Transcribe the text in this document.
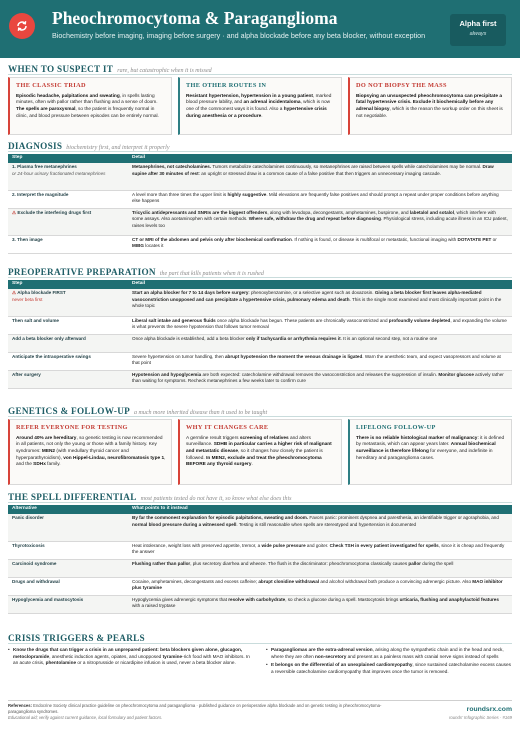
Pheochromocytoma & Paraganglioma
Biochemistry before imaging, imaging before surgery · and alpha blockade before any beta blocker, without exception
Alpha first
always
WHEN TO SUSPECT IT rare, but catastrophic when it is missed
THE CLASSIC TRIAD
Episodic headache, palpitations and sweating, in spells lasting minutes, often with pallor rather than flushing and a sense of doom. The spells are paroxysmal, so the patient is frequently normal in clinic, and blood pressure between episodes can be entirely normal.
THE OTHER ROUTES IN
Resistant hypertension, hypertension in a young patient, marked blood pressure lability, and an adrenal incidentaloma, which is now one of the commonest ways it is found. Also a hypertensive crisis during anesthesia or a procedure.
DO NOT BIOPSY THE MASS
Biopsying an unsuspected pheochromocytoma can precipitate a fatal hypertensive crisis. Exclude it biochemically before any adrenal biopsy, which is the reason the workup order on this sheet is not negotiable.
DIAGNOSIS biochemistry first, and interpret it properly
Step	Detail
1. Plasma free metanephrines
or 24-hour urinary fractionated metanephrines	Metanephrines, not catecholamines. Tumors metabolize catecholamines continuously, so metanephrines are raised between spells while catecholamines may be normal. Draw supine after 30 minutes of rest: an upright or stressed draw is a common cause of a false positive that then triggers an unnecessary imaging cascade.
2. Interpret the magnitude	A level more than three times the upper limit is highly suggestive. Mild elevations are frequently false positives and should prompt a repeat under proper conditions before anything else happens
⚠ Exclude the interfering drugs first	Tricyclic antidepressants and SNRIs are the biggest offenders, along with levodopa, decongestants, amphetamines, buspirone, and labetalol and sotalol, which interfere with some assays. Also acetaminophen with certain methods. Where safe, withdraw the drug and repeat before diagnosing. Physiological stress, including acute illness in an ICU patient, raises levels too
3. Then image	CT or MRI of the abdomen and pelvis only after biochemical confirmation. If nothing is found, or disease is multifocal or metastatic, functional imaging with DOTATATE PET or MIBG locates it
PREOPERATIVE PREPARATION the part that kills patients when it is rushed
Step	Detail
⚠ Alpha blockade FIRST
never beta first	Start an alpha blocker for 7 to 14 days before surgery: phenoxybenzamine, or a selective agent such as doxazosin. Giving a beta blocker first leaves alpha-mediated vasoconstriction unopposed and can precipitate a hypertensive crisis, pulmonary edema and death. This is the single most examined and most clinically important point in the whole topic
Then salt and volume	Liberal salt intake and generous fluids once alpha blockade has begun. These patients are chronically vasoconstricted and profoundly volume depleted, and expanding the volume is what prevents the severe hypotension that follows tumor removal
Add a beta blocker only afterward	Once alpha blockade is established, add a beta blocker only if tachycardia or arrhythmia requires it. It is an optional second step, not a routine one
Anticipate the intraoperative swings	Severe hypertension on tumor handling, then abrupt hypotension the moment the venous drainage is ligated. Warn the anesthetic team, and expect vasopressors and volume at that point
After surgery	Hypotension and hypoglycemia are both expected: catecholamine withdrawal removes the vasoconstriction and releases the suppression of insulin. Monitor glucose actively rather than waiting for symptoms. Recheck metanephrines a few weeks later to confirm cure
GENETICS & FOLLOW-UP a much more inherited disease than it used to be taught
REFER EVERYONE FOR TESTING
Around 40% are hereditary, so genetic testing is now recommended in all patients, not only the young or those with a family history. Key syndromes: MEN2 (with medullary thyroid cancer and hyperparathyroidism), von Hippel-Lindau, neurofibromatosis type 1, and the SDHx family.
WHY IT CHANGES CARE
A germline result triggers screening of relatives and alters surveillance. SDHB in particular carries a higher risk of malignant and metastatic disease, so it changes how closely the patient is followed. In MEN2, exclude and treat the pheochromocytoma BEFORE any thyroid surgery.
LIFELONG FOLLOW-UP
There is no reliable histological marker of malignancy: it is defined by metastasis, which can appear years later. Annual biochemical surveillance is therefore lifelong for everyone, and indefinite in hereditary and paraganglioma cases.
THE SPELL DIFFERENTIAL most patients tested do not have it, so know what else does this
Alternative	What points to it instead
Panic disorder	By far the commonest explanation for episodic palpitations, sweating and doom. Favors panic: prominent dyspnea and paresthesia, an identifiable trigger or agoraphobia, and normal blood pressure during a witnessed spell. Testing is still reasonable when spells are stereotyped and hypertension is documented
Thyrotoxicosis	Heat intolerance, weight loss with preserved appetite, tremor, a wide pulse pressure and goiter. Check TSH in every patient investigated for spells, since it is cheap and frequently the answer
Carcinoid syndrome	Flushing rather than pallor, plus secretory diarrhea and wheeze. The flush is the discriminator: pheochromocytoma classically causes pallor during the spell
Drugs and withdrawal	Cocaine, amphetamines, decongestants and excess caffeine; abrupt clonidine withdrawal and alcohol withdrawal both produce a convincing adrenergic picture. Also MAO inhibitor plus tyramine
Hypoglycemia and mastocytosis	Hypoglycemia gives adrenergic symptoms that resolve with carbohydrate, so check a glucose during a spell. Mastocytosis brings urticaria, flushing and anaphylactoid features with a raised tryptase
CRISIS TRIGGERS & PEARLS
• Know the drugs that can trigger a crisis in an unprepared patient: beta blockers given alone, glucagon, metoclopramide, anesthetic induction agents, opiates, and unopposed tyramine-rich food with MAO inhibitors. In an acute crisis, phentolamine or a nitroprusside or nicardipine infusion is used, never a beta blocker alone.
• Paragangliomas are the extra-adrenal version, arising along the sympathetic chain and in the head and neck, where they are often non-secretory and present as a painless mass with cranial nerve signs instead of spells
• It belongs on the differential of an unexplained cardiomyopathy, since sustained catecholamine excess causes a reversible catecholamine cardiomyopathy that improves once the tumor is removed.
References: Endocrine Society clinical practice guideline on pheochromocytoma and paraganglioma · published guidance on perioperative alpha blockade and on genetic testing in pheochromocytoma-paraganglioma syndromes.
Educational aid; verify against current guidance, local formulary and patient factors.
roundsrx.com
rounds’ Infographic Series · #169
